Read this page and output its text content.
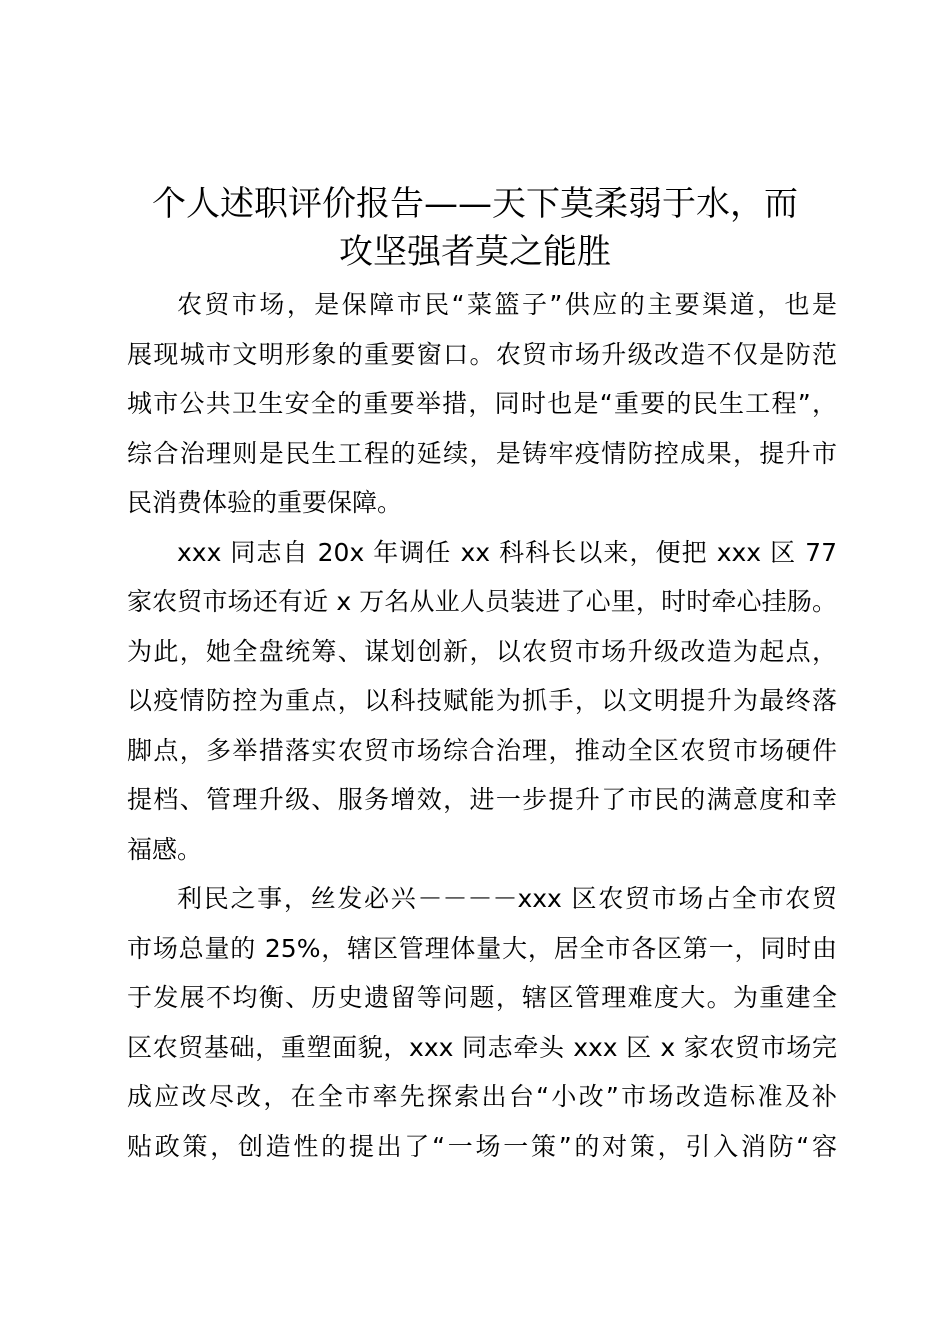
个人述职评价报告——天下莫柔弱于水，而
攻坚强者莫之能胜
农贸市场，是保障市民“菜篮子”供应的主要渠道，也是
展现城市文明形象的重要窗口。农贸市场升级改造不仅是防范
城市公共卫生安全的重要举措，同时也是“重要的民生工程”，
综合治理则是民生工程的延续，是铸牢疫情防控成果，提升市
民消费体验的重要保障。
xxx 同志自 20x 年调任 xx 科科长以来，便把 xxx 区 77
家农贸市场还有近 x 万名从业人员装进了心里，时时牵心挂肠。
为此，她全盘统筹、谋划创新，以农贸市场升级改造为起点，
以疫情防控为重点，以科技赋能为抓手，以文明提升为最终落
脚点，多举措落实农贸市场综合治理，推动全区农贸市场硬件
提档、管理升级、服务增效，进一步提升了市民的满意度和幸
福感。
利民之事，丝发必兴－－－－xxx 区农贸市场占全市农贸
市场总量的 25%，辖区管理体量大，居全市各区第一，同时由
于发展不均衡、历史遗留等问题，辖区管理难度大。为重建全
区农贸基础，重塑面貌，xxx 同志牵头 xxx 区 x 家农贸市场完
成应改尽改，在全市率先探索出台“小改”市场改造标准及补
贴政策，创造性的提出了“一场一策”的对策，引入消防“容
